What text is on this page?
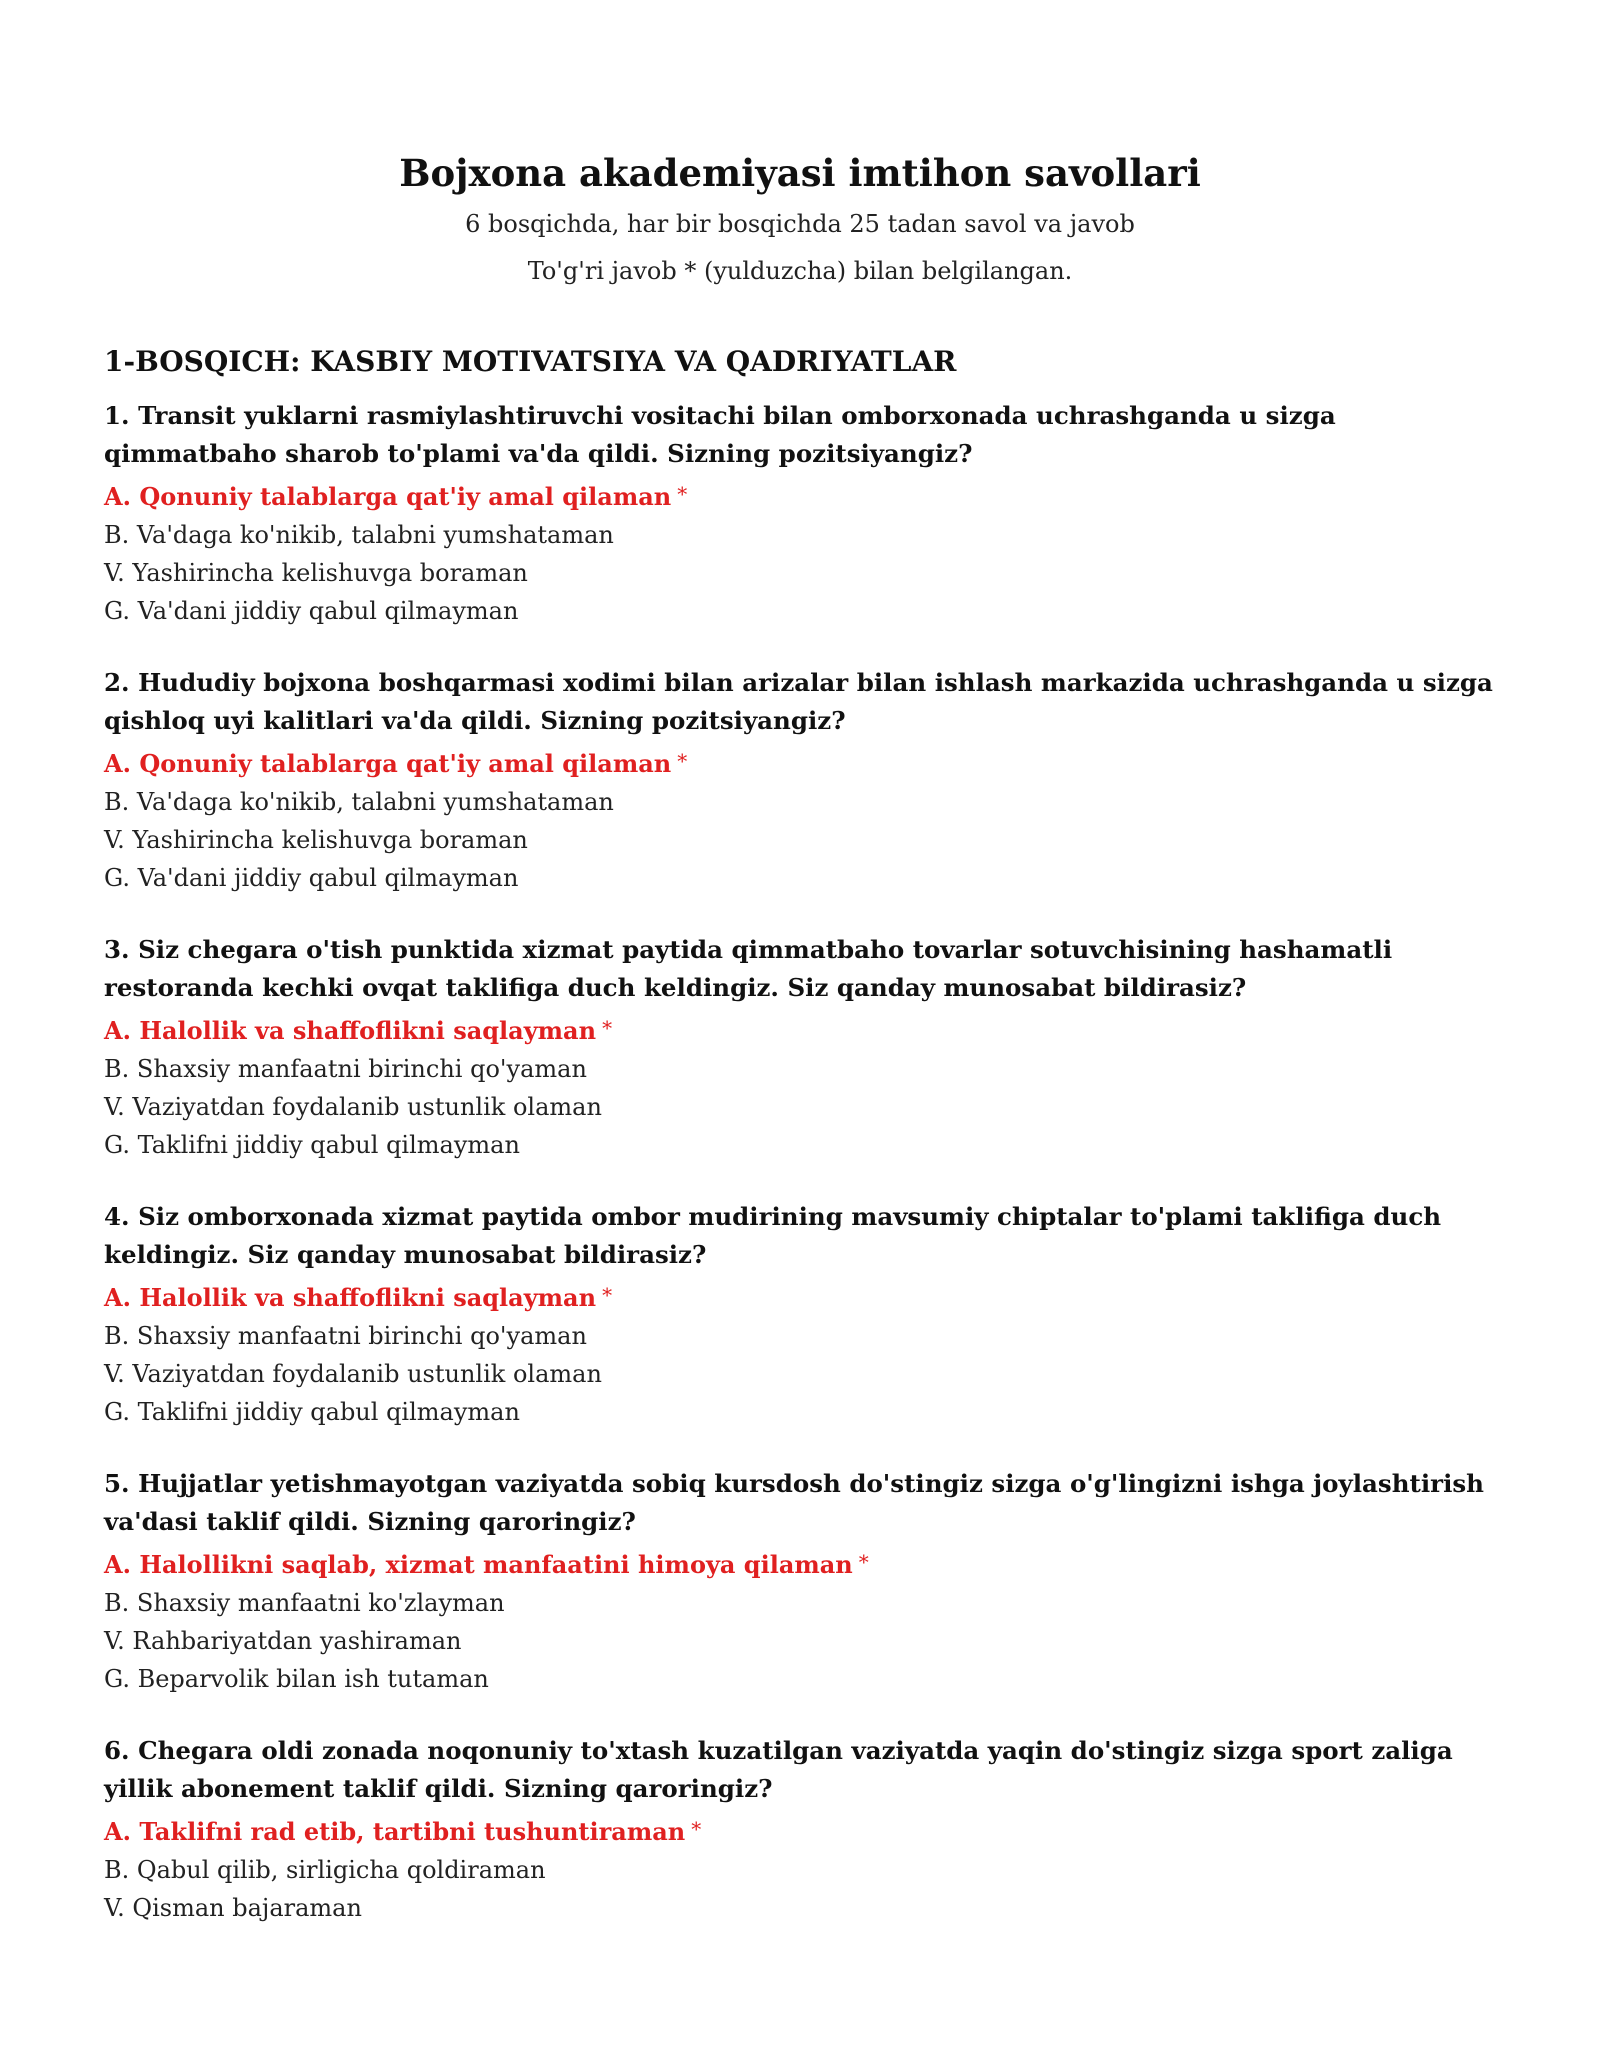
Bojxona akademiyasi imtihon savollari

6 bosqichda, har bir bosqichda 25 tadan savol va javob

To'g'ri javob * (yulduzcha) bilan belgilangan.

1-BOSQICH: KASBIY MOTIVATSIYA VA QADRIYATLAR

1. Transit yuklarni rasmiylashtiruvchi vositachi bilan omborxonada uchrashganda u sizga qimmatbaho sharob to'plami va'da qildi. Sizning pozitsiyangiz?

A. Qonuniy talablarga qat'iy amal qilaman *

B. Va'daga ko'nikib, talabni yumshataman

V. Yashirincha kelishuvga boraman

G. Va'dani jiddiy qabul qilmayman

2. Hududiy bojxona boshqarmasi xodimi bilan arizalar bilan ishlash markazida uchrashganda u sizga qishloq uyi kalitlari va'da qildi. Sizning pozitsiyangiz?

A. Qonuniy talablarga qat'iy amal qilaman *

B. Va'daga ko'nikib, talabni yumshataman

V. Yashirincha kelishuvga boraman

G. Va'dani jiddiy qabul qilmayman

3. Siz chegara o'tish punktida xizmat paytida qimmatbaho tovarlar sotuvchisining hashamatli restoranda kechki ovqat taklifiga duch keldingiz. Siz qanday munosabat bildirasiz?

A. Halollik va shaffoflikni saqlayman *

B. Shaxsiy manfaatni birinchi qo'yaman

V. Vaziyatdan foydalanib ustunlik olaman

G. Taklifni jiddiy qabul qilmayman

4. Siz omborxonada xizmat paytida ombor mudirining mavsumiy chiptalar to'plami taklifiga duch keldingiz. Siz qanday munosabat bildirasiz?

A. Halollik va shaffoflikni saqlayman *

B. Shaxsiy manfaatni birinchi qo'yaman

V. Vaziyatdan foydalanib ustunlik olaman

G. Taklifni jiddiy qabul qilmayman

5. Hujjatlar yetishmayotgan vaziyatda sobiq kursdosh do'stingiz sizga o'g'lingizni ishga joylashtirish va'dasi taklif qildi. Sizning qaroringiz?

A. Halollikni saqlab, xizmat manfaatini himoya qilaman *

B. Shaxsiy manfaatni ko'zlayman

V. Rahbariyatdan yashiraman

G. Beparvolik bilan ish tutaman

6. Chegara oldi zonada noqonuniy to'xtash kuzatilgan vaziyatda yaqin do'stingiz sizga sport zaliga yillik abonement taklif qildi. Sizning qaroringiz?

A. Taklifni rad etib, tartibni tushuntiraman *

B. Qabul qilib, sirligicha qoldiraman

V. Qisman bajaraman
